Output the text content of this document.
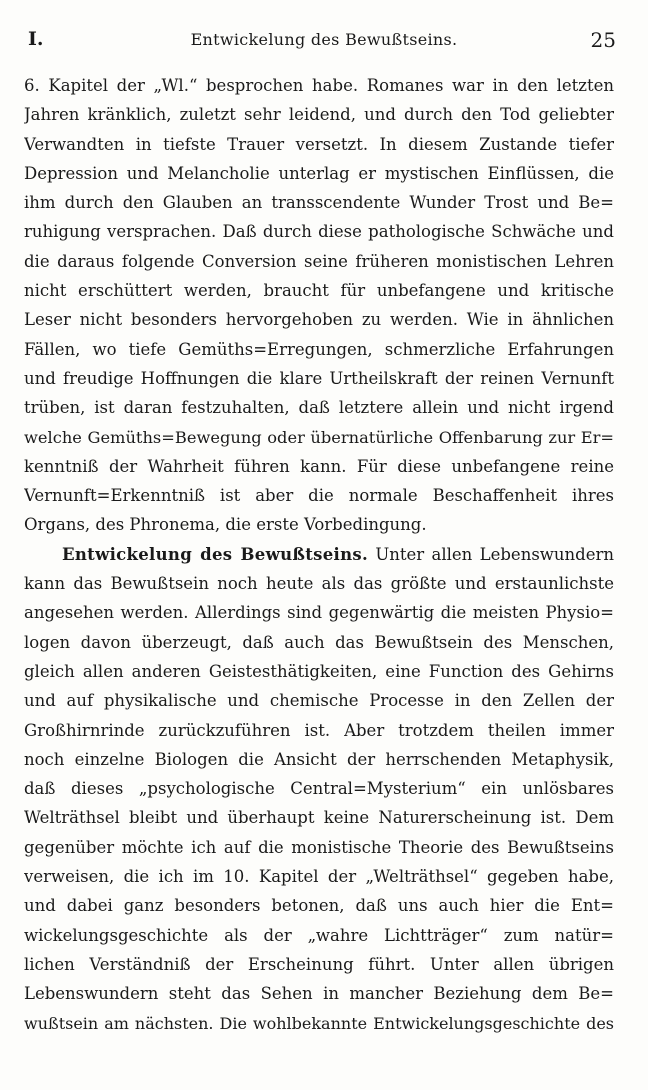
I.	Entwickelung des Bewußtseins.	25
6. Kapitel der „Wl.“ besprochen habe. Romanes war in den letzten
Jahren kränklich, zuletzt sehr leidend, und durch den Tod geliebter
Verwandten in tiefste Trauer versetzt. In diesem Zustande tiefer
Depression und Melancholie unterlag er mystischen Einflüssen, die
ihm durch den Glauben an transscendente Wunder Trost und Be=
ruhigung versprachen. Daß durch diese pathologische Schwäche und
die daraus folgende Conversion seine früheren monistischen Lehren
nicht erschüttert werden, braucht für unbefangene und kritische
Leser nicht besonders hervorgehoben zu werden. Wie in ähnlichen
Fällen, wo tiefe Gemüths=Erregungen, schmerzliche Erfahrungen
und freudige Hoffnungen die klare Urtheilskraft der reinen Vernunft
trüben, ist daran festzuhalten, daß letztere allein und nicht irgend
welche Gemüths=Bewegung oder übernatürliche Offenbarung zur Er=
kenntniß der Wahrheit führen kann. Für diese unbefangene reine
Vernunft=Erkenntniß ist aber die normale Beschaffenheit ihres
Organs, des Phronema, die erste Vorbedingung.
Entwickelung des Bewußtseins. Unter allen Lebenswundern
kann das Bewußtsein noch heute als das größte und erstaunlichste
angesehen werden. Allerdings sind gegenwärtig die meisten Physio=
logen davon überzeugt, daß auch das Bewußtsein des Menschen,
gleich allen anderen Geistesthätigkeiten, eine Function des Gehirns
und auf physikalische und chemische Processe in den Zellen der
Großhirnrinde zurückzuführen ist. Aber trotzdem theilen immer
noch einzelne Biologen die Ansicht der herrschenden Metaphysik,
daß dieses „psychologische Central=Mysterium“ ein unlösbares
Welträthsel bleibt und überhaupt keine Naturerscheinung ist. Dem
gegenüber möchte ich auf die monistische Theorie des Bewußtseins
verweisen, die ich im 10. Kapitel der „Welträthsel“ gegeben habe,
und dabei ganz besonders betonen, daß uns auch hier die Ent=
wickelungsgeschichte als der „wahre Lichtträger“ zum natür=
lichen Verständniß der Erscheinung führt. Unter allen übrigen
Lebenswundern steht das Sehen in mancher Beziehung dem Be=
wußtsein am nächsten. Die wohlbekannte Entwickelungsgeschichte des
